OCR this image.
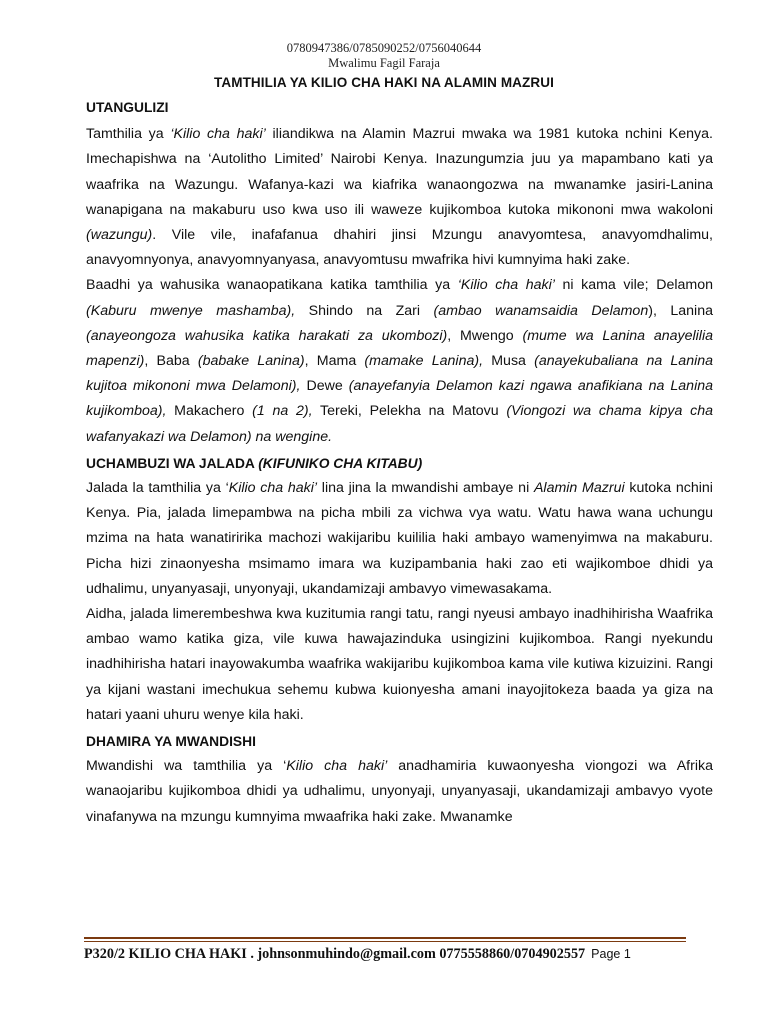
0780947386/0785090252/0756040644
Mwalimu Fagil Faraja
TAMTHILIA YA KILIO CHA HAKI NA ALAMIN MAZRUI
UTANGULIZI

Tamthilia ya ‘Kilio cha haki’ iliandikwa na Alamin Mazrui mwaka wa 1981 kutoka nchini Kenya. Imechapishwa na ‘Autolitho Limited’ Nairobi Kenya. Inazungumzia juu ya mapambano kati ya waafrika na Wazungu. Wafanya-kazi wa kiafrika wanaongozwa na mwanamke jasiri-Lanina wanapigana na makaburu uso kwa uso ili waweze kujikomboa kutoka mikononi mwa wakoloni (wazungu). Vile vile, inafafanua dhahiri jinsi Mzungu anavyomtesa, anavyomdhalimu, anavyomnyonya, anavyomnyanyasa, anavyomtusu mwafrika hivi kumnyima haki zake.

Baadhi ya wahusika wanaopatikana katika tamthilia ya ‘Kilio cha haki’ ni kama vile; Delamon (Kaburu mwenye mashamba), Shindo na Zari (ambao wanamsaidia Delamon), Lanina (anayeongoza wahusika katika harakati za ukombozi), Mwengo (mume wa Lanina anayelilia mapenzi), Baba (babake Lanina), Mama (mamake Lanina), Musa (anayekubaliana na Lanina kujitoa mikononi mwa Delamoni), Dewe (anayefanyia Delamon kazi ngawa anafikiana na Lanina kujikomboa), Makachero (1 na 2), Tereki, Pelekha na Matovu (Viongozi wa chama kipya cha wafanyakazi wa Delamon) na wengine.

UCHAMBUZI WA JALADA (KIFUNIKO CHA KITABU)

Jalada la tamthilia ya ‘Kilio cha haki’ lina jina la mwandishi ambaye ni Alamin Mazrui kutoka nchini Kenya. Pia, jalada limepambwa na picha mbili za vichwa vya watu. Watu hawa wana uchungu mzima na hata wanatiririka machozi wakijaribu kuililia haki ambayo wamenyimwa na makaburu. Picha hizi zinaonyesha msimamo imara wa kuzipambania haki zao eti wajikomboe dhidi ya udhalimu, unyanyasaji, unyonyaji, ukandamizaji ambavyo vimewasakama.

Aidha, jalada limerembeshwa kwa kuzitumia rangi tatu, rangi nyeusi ambayo inadhihirisha Waafrika ambao wamo katika giza, vile kuwa hawajazinduka usingizini kujikomboa. Rangi nyekundu inadhihirisha hatari inayowakumba waafrika wakijaribu kujikomboa kama vile kutiwa kizuizini. Rangi ya kijani wastani imechukua sehemu kubwa kuionyesha amani inayojitokeza baada ya giza na hatari yaani uhuru wenye kila haki.

DHAMIRA YA MWANDISHI

Mwandishi wa tamthilia ya ‘Kilio cha haki’ anadhamiria kuwaonyesha viongozi wa Afrika wanaojaribu kujikomboa dhidi ya udhalimu, unyonyaji, unyanyasaji, ukandamizaji ambavyo vyote vinafanywa na mzungu kumnyima mwaafrika haki zake. Mwanamke

P320/2 KILIO CHA HAKI . johnsonmuhindo@gmail.com 0775558860/0704902557 Page 1
